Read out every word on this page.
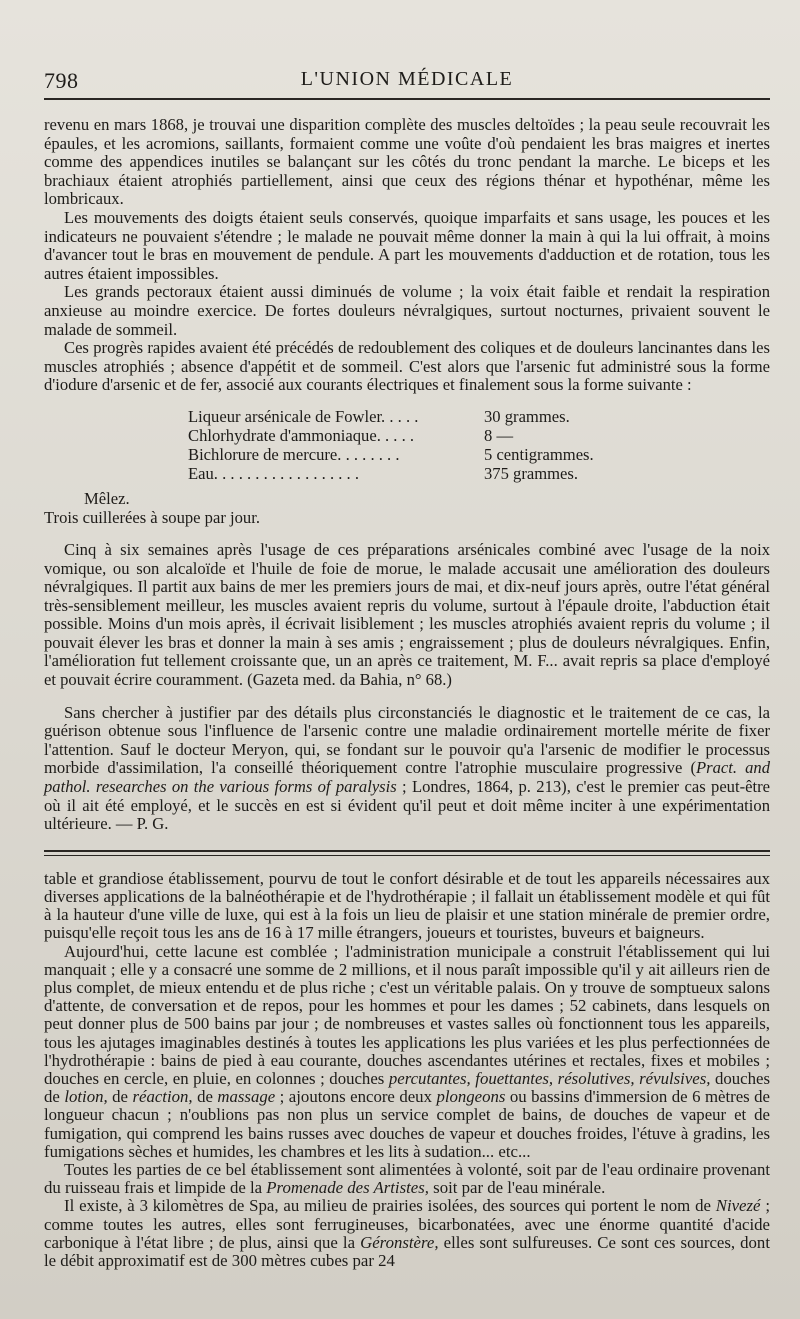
798	L'UNION MÉDICALE

revenu en mars 1868, je trouvai une disparition complète des muscles deltoïdes ; la peau seule recouvrait les épaules, et les acromions, saillants, formaient comme une voûte d'où pendaient les bras maigres et inertes comme des appendices inutiles se balançant sur les côtés du tronc pendant la marche. Le biceps et les brachiaux étaient atrophiés partiellement, ainsi que ceux des régions thénar et hypothénar, même les lombricaux.

Les mouvements des doigts étaient seuls conservés, quoique imparfaits et sans usage, les pouces et les indicateurs ne pouvaient s'étendre ; le malade ne pouvait même donner la main à qui la lui offrait, à moins d'avancer tout le bras en mouvement de pendule. A part les mouvements d'adduction et de rotation, tous les autres étaient impossibles.

Les grands pectoraux étaient aussi diminués de volume ; la voix était faible et rendait la respiration anxieuse au moindre exercice. De fortes douleurs névralgiques, surtout nocturnes, privaient souvent le malade de sommeil.

Ces progrès rapides avaient été précédés de redoublement des coliques et de douleurs lancinantes dans les muscles atrophiés ; absence d'appétit et de sommeil. C'est alors que l'arsenic fut administré sous la forme d'iodure d'arsenic et de fer, associé aux courants électriques et finalement sous la forme suivante :

Liqueur arsénicale de Fowler. . . . .	30 grammes.
Chlorhydrate d'ammoniaque. . . . .	8 —
Bichlorure de mercure. . . . . . . .	5 centigrammes.
Eau. . . . . . . . . . . . . . . . . .	375 grammes.
Mêlez.
Trois cuillerées à soupe par jour.

Cinq à six semaines après l'usage de ces préparations arsénicales combiné avec l'usage de la noix vomique, ou son alcaloïde et l'huile de foie de morue, le malade accusait une amélioration des douleurs névralgiques. Il partit aux bains de mer les premiers jours de mai, et dix-neuf jours après, outre l'état général très-sensiblement meilleur, les muscles avaient repris du volume, surtout à l'épaule droite, l'abduction était possible. Moins d'un mois après, il écrivait lisiblement ; les muscles atrophiés avaient repris du volume ; il pouvait élever les bras et donner la main à ses amis ; engraissement ; plus de douleurs névralgiques. Enfin, l'amélioration fut tellement croissante que, un an après ce traitement, M. F... avait repris sa place d'employé et pouvait écrire couramment. (Gazeta med. da Bahia, n° 68.)

Sans chercher à justifier par des détails plus circonstanciés le diagnostic et le traitement de ce cas, la guérison obtenue sous l'influence de l'arsenic contre une maladie ordinairement mortelle mérite de fixer l'attention. Sauf le docteur Meryon, qui, se fondant sur le pouvoir qu'a l'arsenic de modifier le processus morbide d'assimilation, l'a conseillé théoriquement contre l'atrophie musculaire progressive (Pract. and pathol. researches on the various forms of paralysis ; Londres, 1864, p. 213), c'est le premier cas peut-être où il ait été employé, et le succès en est si évident qu'il peut et doit même inciter à une expérimentation ultérieure. — P. G.

table et grandiose établissement, pourvu de tout le confort désirable et de tout les appareils nécessaires aux diverses applications de la balnéothérapie et de l'hydrothérapie ; il fallait un établissement modèle et qui fût à la hauteur d'une ville de luxe, qui est à la fois un lieu de plaisir et une station minérale de premier ordre, puisqu'elle reçoit tous les ans de 16 à 17 mille étrangers, joueurs et touristes, buveurs et baigneurs.

Aujourd'hui, cette lacune est comblée ; l'administration municipale a construit l'établissement qui lui manquait ; elle y a consacré une somme de 2 millions, et il nous paraît impossible qu'il y ait ailleurs rien de plus complet, de mieux entendu et de plus riche ; c'est un véritable palais. On y trouve de somptueux salons d'attente, de conversation et de repos, pour les hommes et pour les dames ; 52 cabinets, dans lesquels on peut donner plus de 500 bains par jour ; de nombreuses et vastes salles où fonctionnent tous les appareils, tous les ajutages imaginables destinés à toutes les applications les plus variées et les plus perfectionnées de l'hydrothérapie : bains de pied à eau courante, douches ascendantes utérines et rectales, fixes et mobiles ; douches en cercle, en pluie, en colonnes ; douches percutantes, fouettantes, résolutives, révulsives, douches de lotion, de réaction, de massage ; ajoutons encore deux plongeons ou bassins d'immersion de 6 mètres de longueur chacun ; n'oublions pas non plus un service complet de bains, de douches de vapeur et de fumigation, qui comprend les bains russes avec douches de vapeur et douches froides, l'étuve à gradins, les fumigations sèches et humides, les chambres et les lits à sudation... etc...

Toutes les parties de ce bel établissement sont alimentées à volonté, soit par de l'eau ordinaire provenant du ruisseau frais et limpide de la Promenade des Artistes, soit par de l'eau minérale.

Il existe, à 3 kilomètres de Spa, au milieu de prairies isolées, des sources qui portent le nom de Nivezé ; comme toutes les autres, elles sont ferrugineuses, bicarbonatées, avec une énorme quantité d'acide carbonique à l'état libre ; de plus, ainsi que la Géronstère, elles sont sulfureuses. Ce sont ces sources, dont le débit approximatif est de 300 mètres cubes par 24
